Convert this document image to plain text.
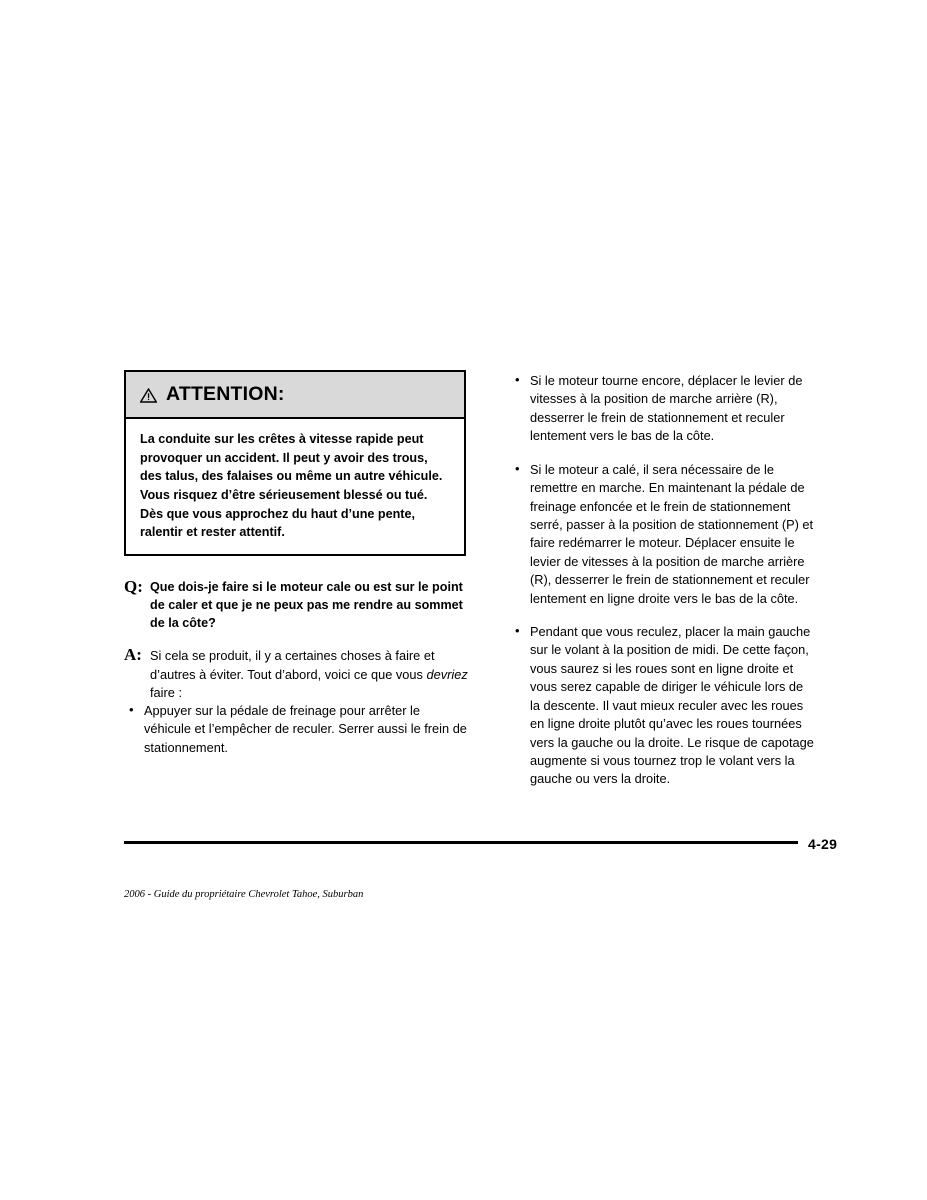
ATTENTION:
La conduite sur les crêtes à vitesse rapide peut provoquer un accident. Il peut y avoir des trous, des talus, des falaises ou même un autre véhicule. Vous risquez d’être sérieusement blessé ou tué. Dès que vous approchez du haut d’une pente, ralentir et rester attentif.
Q: Que dois-je faire si le moteur cale ou est sur le point de caler et que je ne peux pas me rendre au sommet de la côte?
A: Si cela se produit, il y a certaines choses à faire et d’autres à éviter. Tout d’abord, voici ce que vous devriez faire :
• Appuyer sur la pédale de freinage pour arrêter le véhicule et l’empêcher de reculer. Serrer aussi le frein de stationnement.
• Si le moteur tourne encore, déplacer le levier de vitesses à la position de marche arrière (R), desserrer le frein de stationnement et reculer lentement vers le bas de la côte.
• Si le moteur a calé, il sera nécessaire de le remettre en marche. En maintenant la pédale de freinage enfoncée et le frein de stationnement serré, passer à la position de stationnement (P) et faire redémarrer le moteur. Déplacer ensuite le levier de vitesses à la position de marche arrière (R), desserrer le frein de stationnement et reculer lentement en ligne droite vers le bas de la côte.
• Pendant que vous reculez, placer la main gauche sur le volant à la position de midi. De cette façon, vous saurez si les roues sont en ligne droite et vous serez capable de diriger le véhicule lors de la descente. Il vaut mieux reculer avec les roues en ligne droite plutôt qu’avec les roues tournées vers la gauche ou la droite. Le risque de capotage augmente si vous tournez trop le volant vers la gauche ou vers la droite.
4-29
2006 - Guide du propriétaire Chevrolet Tahoe, Suburban
